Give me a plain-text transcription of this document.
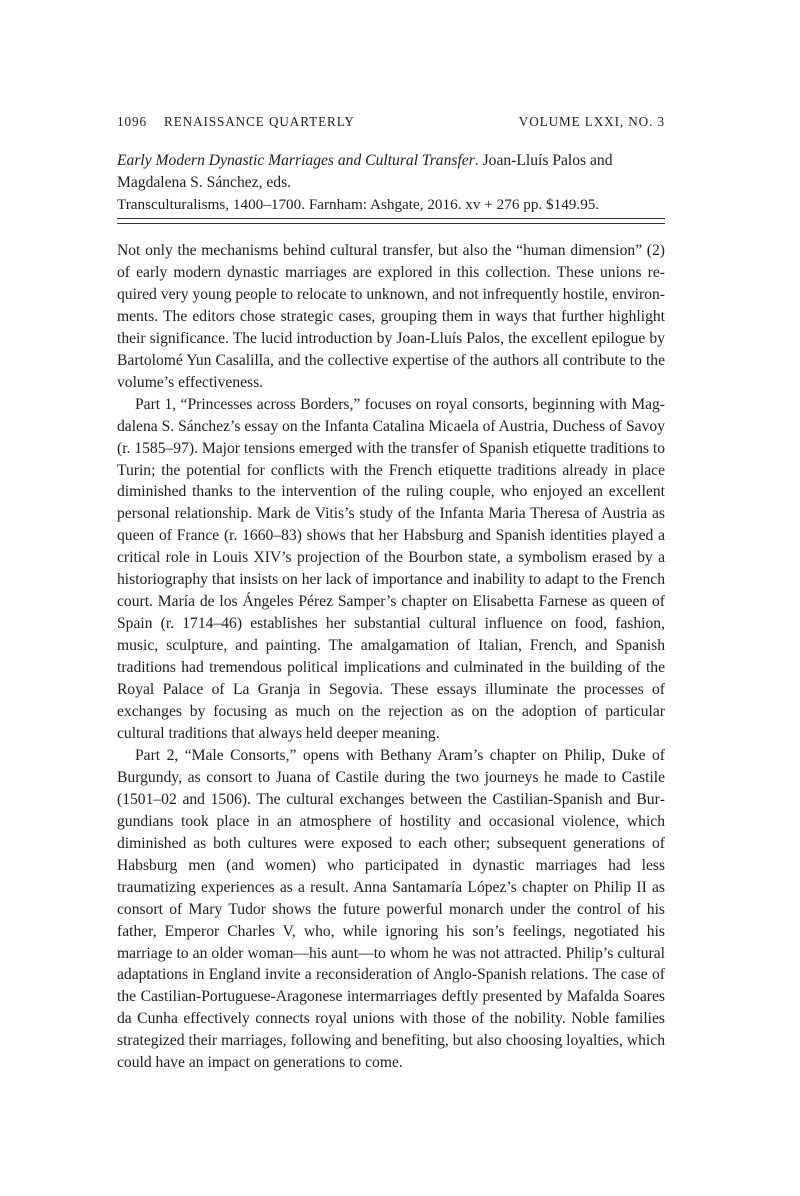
1096 RENAISSANCE QUARTERLY	VOLUME LXXI, NO. 3
Early Modern Dynastic Marriages and Cultural Transfer. Joan-Lluís Palos and Magdalena S. Sánchez, eds.
Transculturalisms, 1400–1700. Farnham: Ashgate, 2016. xv + 276 pp. $149.95.

Not only the mechanisms behind cultural transfer, but also the “human dimension” (2) of early modern dynastic marriages are explored in this collection. These unions required very young people to relocate to unknown, and not infrequently hostile, environments. The editors chose strategic cases, grouping them in ways that further highlight their significance. The lucid introduction by Joan-Lluís Palos, the excellent epilogue by Bartolomé Yun Casalilla, and the collective expertise of the authors all contribute to the volume’s effectiveness.

Part 1, “Princesses across Borders,” focuses on royal consorts, beginning with Magdalena S. Sánchez’s essay on the Infanta Catalina Micaela of Austria, Duchess of Savoy (r. 1585–97). Major tensions emerged with the transfer of Spanish etiquette traditions to Turin; the potential for conflicts with the French etiquette traditions already in place diminished thanks to the intervention of the ruling couple, who enjoyed an excellent personal relationship. Mark de Vitis’s study of the Infanta Maria Theresa of Austria as queen of France (r. 1660–83) shows that her Habsburg and Spanish identities played a critical role in Louis XIV’s projection of the Bourbon state, a symbolism erased by a historiography that insists on her lack of importance and inability to adapt to the French court. María de los Ángeles Pérez Samper’s chapter on Elisabetta Farnese as queen of Spain (r. 1714–46) establishes her substantial cultural influence on food, fashion, music, sculpture, and painting. The amalgamation of Italian, French, and Spanish traditions had tremendous political implications and culminated in the building of the Royal Palace of La Granja in Segovia. These essays illuminate the processes of exchanges by focusing as much on the rejection as on the adoption of particular cultural traditions that always held deeper meaning.

Part 2, “Male Consorts,” opens with Bethany Aram’s chapter on Philip, Duke of Burgundy, as consort to Juana of Castile during the two journeys he made to Castile (1501–02 and 1506). The cultural exchanges between the Castilian-Spanish and Burgundians took place in an atmosphere of hostility and occasional violence, which diminished as both cultures were exposed to each other; subsequent generations of Habsburg men (and women) who participated in dynastic marriages had less traumatizing experiences as a result. Anna Santamaría López’s chapter on Philip II as consort of Mary Tudor shows the future powerful monarch under the control of his father, Emperor Charles V, who, while ignoring his son’s feelings, negotiated his marriage to an older woman—his aunt—to whom he was not attracted. Philip’s cultural adaptations in England invite a reconsideration of Anglo-Spanish relations. The case of the Castilian-Portuguese-Aragonese intermarriages deftly presented by Mafalda Soares da Cunha effectively connects royal unions with those of the nobility. Noble families strategized their marriages, following and benefiting, but also choosing loyalties, which could have an impact on generations to come.
